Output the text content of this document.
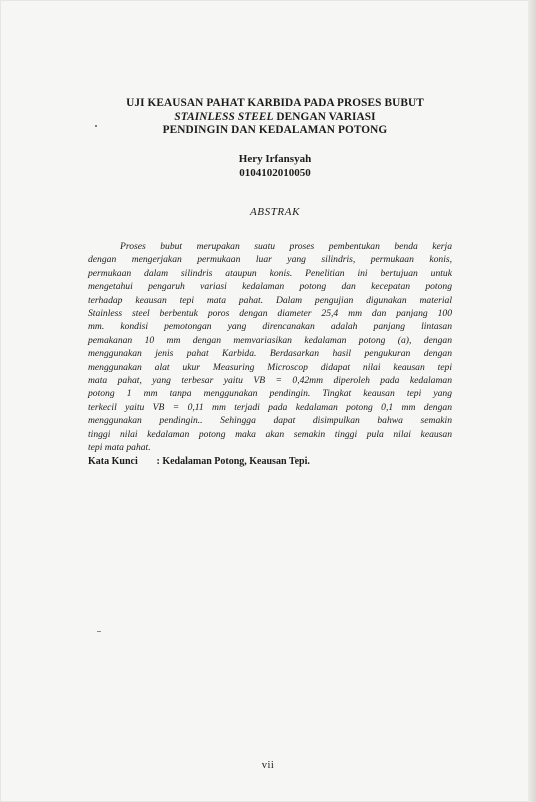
UJI KEAUSAN PAHAT KARBIDA PADA PROSES BUBUT
STAINLESS STEEL DENGAN VARIASI
PENDINGIN DAN KEDALAMAN POTONG
Hery Irfansyah
0104102010050
ABSTRAK
Proses bubut merupakan suatu proses pembentukan benda kerja
dengan mengerjakan permukaan luar yang silindris, permukaan konis,
permukaan dalam silindris ataupun konis. Penelitian ini bertujuan untuk
mengetahui pengaruh variasi kedalaman potong dan kecepatan potong
terhadap keausan tepi mata pahat. Dalam pengujian digunakan material
Stainless steel berbentuk poros dengan diameter 25,4 mm dan panjang 100
mm. kondisi pemotongan yang direncanakan adalah panjang lintasan
pemakanan 10 mm dengan memvariasikan kedalaman potong (a), dengan
menggunakan jenis pahat Karbida. Berdasarkan hasil pengukuran dengan
menggunakan alat ukur Measuring Microscop didapat nilai keausan tepi
mata pahat, yang terbesar yaitu VB = 0,42mm diperoleh pada kedalaman
potong 1 mm tanpa menggunakan pendingin. Tingkat keausan tepi yang
terkecil yaitu VB = 0,11 mm terjadi pada kedalaman potong 0,1 mm dengan
menggunakan pendingin.. Sehingga dapat disimpulkan bahwa semakin
tinggi nilai kedalaman potong maka akan semakin tinggi pula nilai keausan
tepi mata pahat.
Kata Kunci : Kedalaman Potong, Keausan Tepi.
vii
